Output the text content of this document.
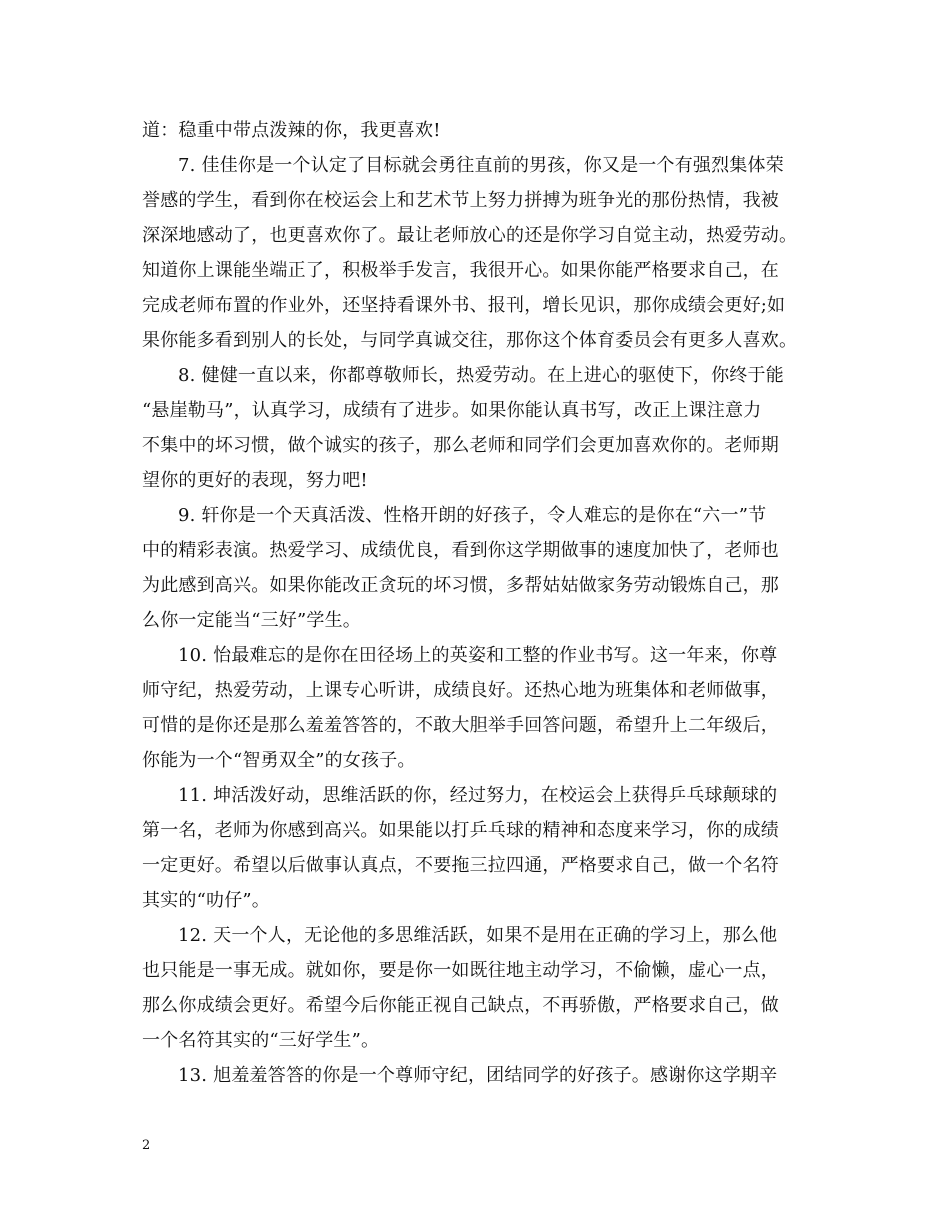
道：稳重中带点泼辣的你，我更喜欢!
7. 佳佳你是一个认定了目标就会勇往直前的男孩，你又是一个有强烈集体荣
誉感的学生，看到你在校运会上和艺术节上努力拼搏为班争光的那份热情，我被
深深地感动了，也更喜欢你了。最让老师放心的还是你学习自觉主动，热爱劳动。
知道你上课能坐端正了，积极举手发言，我很开心。如果你能严格要求自己，在
完成老师布置的作业外，还坚持看课外书、报刊，增长见识，那你成绩会更好;如
果你能多看到别人的长处，与同学真诚交往，那你这个体育委员会有更多人喜欢。
8. 健健一直以来，你都尊敬师长，热爱劳动。在上进心的驱使下，你终于能
“悬崖勒马”，认真学习，成绩有了进步。如果你能认真书写，改正上课注意力
不集中的坏习惯，做个诚实的孩子，那么老师和同学们会更加喜欢你的。老师期
望你的更好的表现，努力吧!
9. 轩你是一个天真活泼、性格开朗的好孩子，令人难忘的是你在“六一”节
中的精彩表演。热爱学习、成绩优良，看到你这学期做事的速度加快了，老师也
为此感到高兴。如果你能改正贪玩的坏习惯，多帮姑姑做家务劳动锻炼自己，那
么你一定能当“三好”学生。
10. 怡最难忘的是你在田径场上的英姿和工整的作业书写。这一年来，你尊
师守纪，热爱劳动，上课专心听讲，成绩良好。还热心地为班集体和老师做事，
可惜的是你还是那么羞羞答答的，不敢大胆举手回答问题，希望升上二年级后，
你能为一个“智勇双全”的女孩子。
11. 坤活泼好动，思维活跃的你，经过努力，在校运会上获得乒乓球颠球的
第一名，老师为你感到高兴。如果能以打乒乓球的精神和态度来学习，你的成绩
一定更好。希望以后做事认真点，不要拖三拉四通，严格要求自己，做一个名符
其实的“叻仔”。
12. 天一个人，无论他的多思维活跃，如果不是用在正确的学习上，那么他
也只能是一事无成。就如你，要是你一如既往地主动学习，不偷懒，虚心一点，
那么你成绩会更好。希望今后你能正视自己缺点，不再骄傲，严格要求自己，做
一个名符其实的“三好学生”。
13. 旭羞羞答答的你是一个尊师守纪，团结同学的好孩子。感谢你这学期辛
2
